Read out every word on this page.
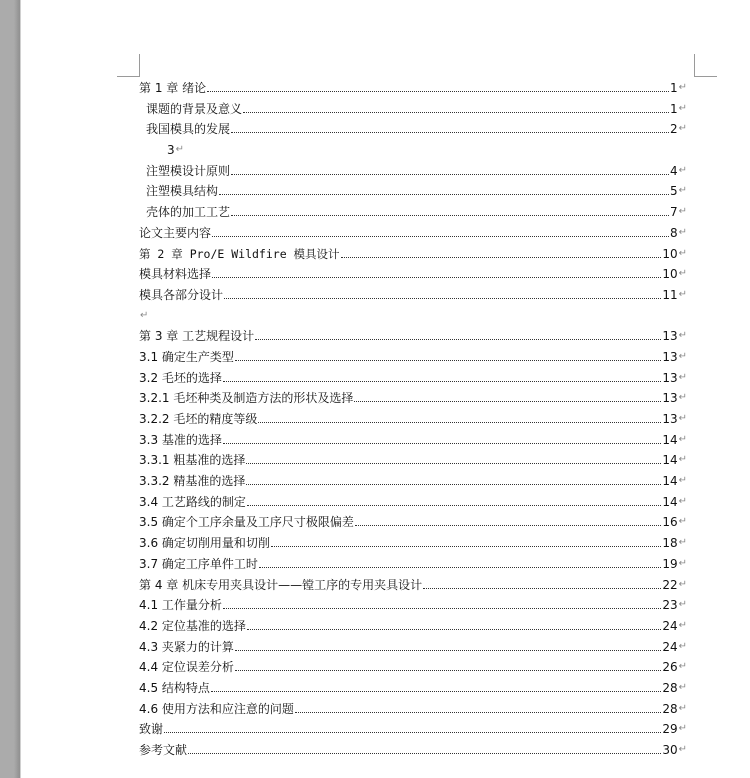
第 1 章 绪论	1 ↵
课题的背景及意义	1 ↵
我国模具的发展	2 ↵
3 ↵
注塑模设计原则	4 ↵
注塑模具结构	5 ↵
壳体的加工工艺	7 ↵
论文主要内容	8 ↵
第 2 章 Pro/E Wildfire 模具设计	10 ↵
模具材料选择	10 ↵
模具各部分设计	11 ↵
↵
第 3 章 工艺规程设计	13 ↵
3.1 确定生产类型	13 ↵
3.2 毛坯的选择	13 ↵
3.2.1 毛坯种类及制造方法的形状及选择	13 ↵
3.2.2 毛坯的精度等级	13 ↵
3.3 基准的选择	14 ↵
3.3.1 粗基准的选择	14 ↵
3.3.2 精基准的选择	14 ↵
3.4 工艺路线的制定	14 ↵
3.5 确定个工序余量及工序尺寸极限偏差	16 ↵
3.6 确定切削用量和切削	18 ↵
3.7 确定工序单件工时	19 ↵
第 4 章 机床专用夹具设计——镗工序的专用夹具设计	22 ↵
4.1 工作量分析	23 ↵
4.2 定位基准的选择	24 ↵
4.3 夹紧力的计算	24 ↵
4.4 定位误差分析	26 ↵
4.5 结构特点	28 ↵
4.6 使用方法和应注意的问题	28 ↵
致谢	29 ↵
参考文献	30 ↵
